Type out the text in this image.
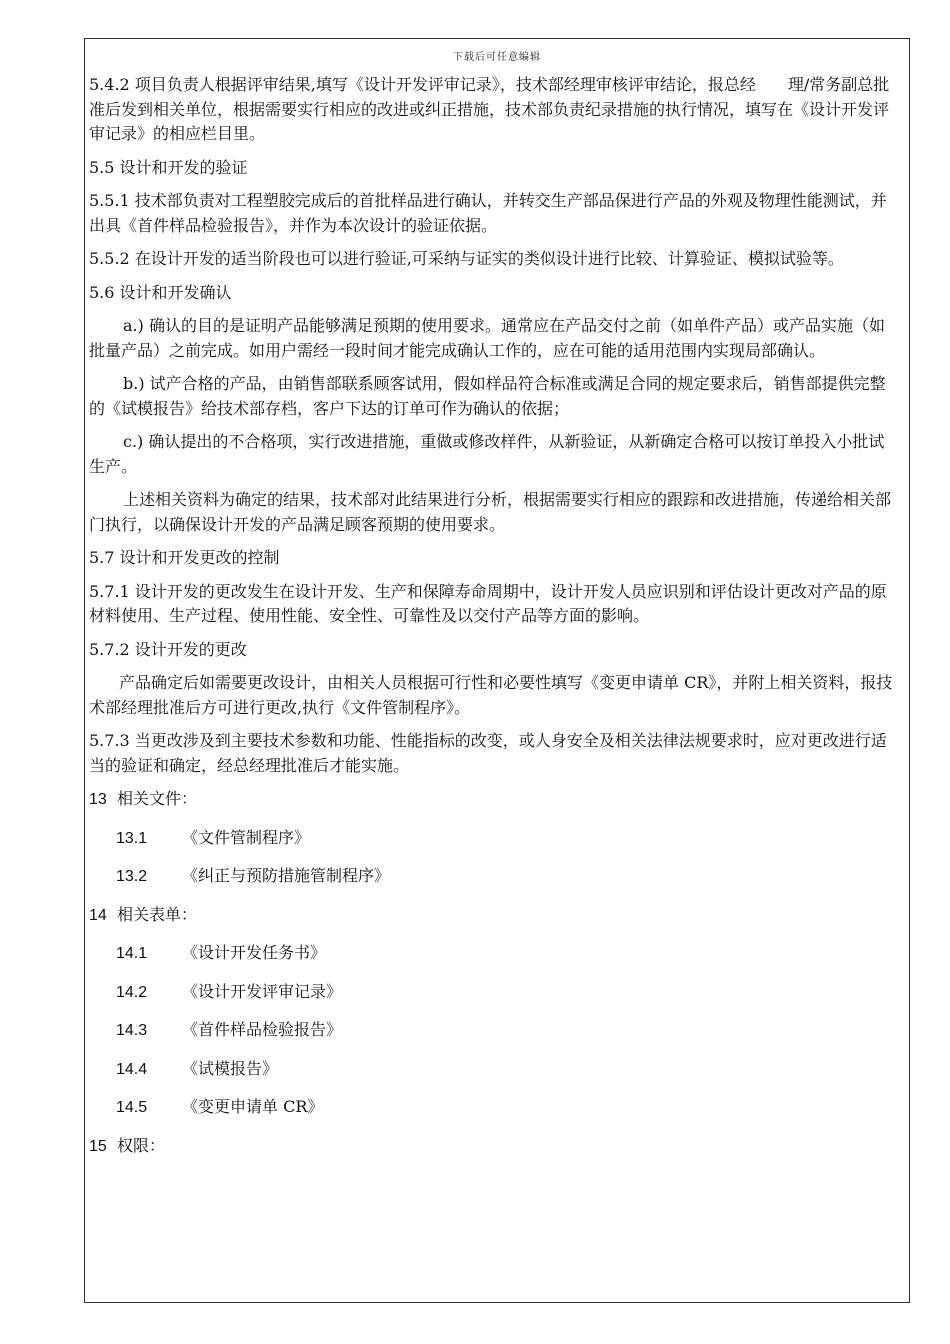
下载后可任意编辑

5.4.2 项目负责人根据评审结果,填写《设计开发评审记录》，技术部经理审核评审结论，报总经　　理/常务副总批准后发到相关单位，根据需要实行相应的改进或纠正措施，技术部负责纪录措施的执行情况，填写在《设计开发评审记录》的相应栏目里。

5.5 设计和开发的验证

5.5.1 技术部负责对工程塑胶完成后的首批样品进行确认，并转交生产部品保进行产品的外观及物理性能测试，并出具《首件样品检验报告》，并作为本次设计的验证依据。

5.5.2 在设计开发的适当阶段也可以进行验证,可采纳与证实的类似设计进行比较、计算验证、模拟试验等。

5.6 设计和开发确认

a.) 确认的目的是证明产品能够满足预期的使用要求。通常应在产品交付之前（如单件产品）或产品实施（如批量产品）之前完成。如用户需经一段时间才能完成确认工作的，应在可能的适用范围内实现局部确认。

b.) 试产合格的产品，由销售部联系顾客试用，假如样品符合标准或满足合同的规定要求后，销售部提供完整的《试模报告》给技术部存档，客户下达的订单可作为确认的依据；

c.) 确认提出的不合格项，实行改进措施，重做或修改样件，从新验证，从新确定合格可以按订单投入小批试生产。

上述相关资料为确定的结果，技术部对此结果进行分析，根据需要实行相应的跟踪和改进措施，传递给相关部门执行，以确保设计开发的产品满足顾客预期的使用要求。

5.7 设计和开发更改的控制

5.7.1 设计开发的更改发生在设计开发、生产和保障寿命周期中，设计开发人员应识别和评估设计更改对产品的原材料使用、生产过程、使用性能、安全性、可靠性及以交付产品等方面的影响。

5.7.2 设计开发的更改

产品确定后如需要更改设计，由相关人员根据可行性和必要性填写《变更申请单 CR》，并附上相关资料，报技术部经理批准后方可进行更改,执行《文件管制程序》。

5.7.3 当更改涉及到主要技术参数和功能、性能指标的改变，或人身安全及相关法律法规要求时，应对更改进行适当的验证和确定，经总经理批准后才能实施。

13 相关文件：
13.1 《文件管制程序》
13.2 《纠正与预防措施管制程序》
14 相关表单：
14.1 《设计开发任务书》
14.2 《设计开发评审记录》
14.3 《首件样品检验报告》
14.4 《试模报告》
14.5 《变更申请单 CR》
15 权限：
